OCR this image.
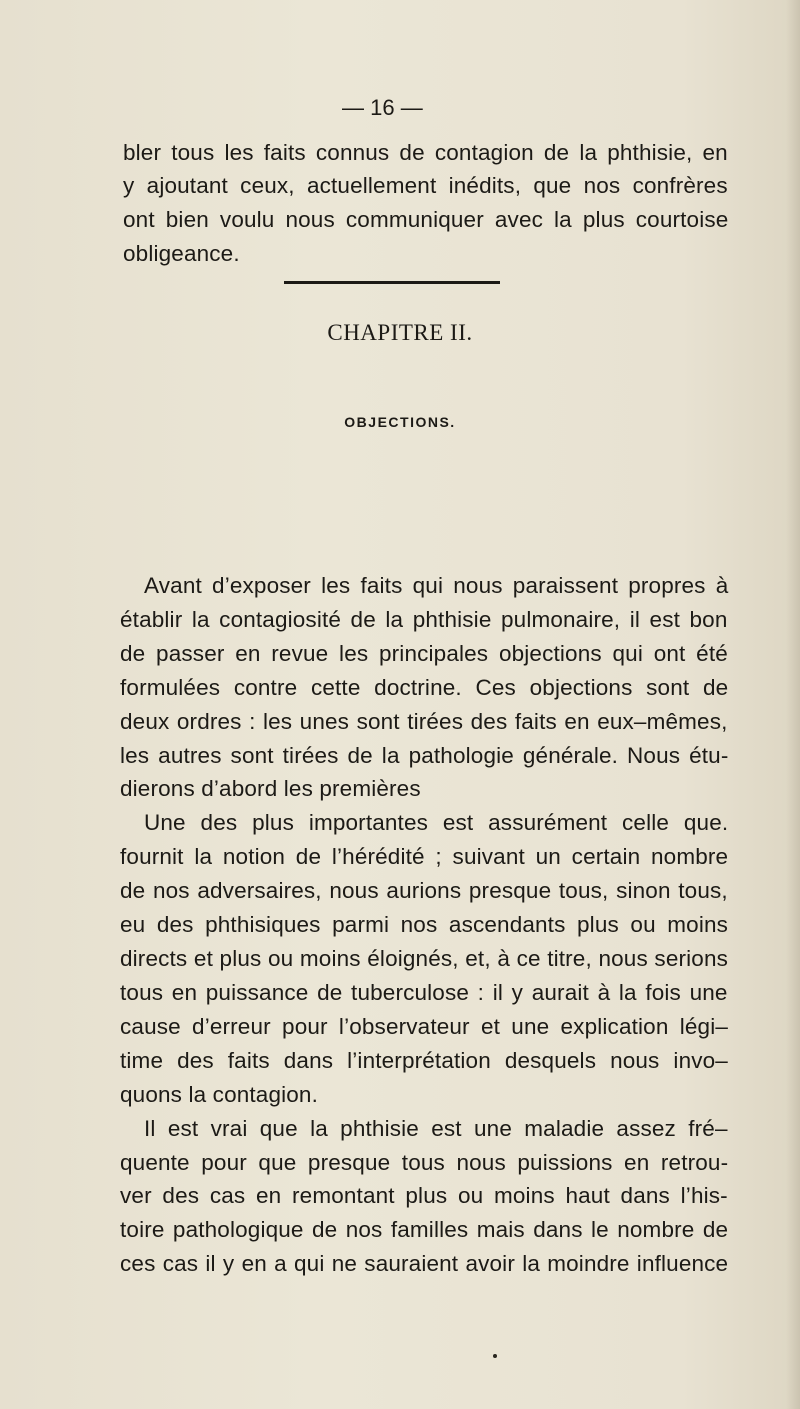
— 16 —
bler tous les faits connus de contagion de la phthisie, en
y ajoutant ceux, actuellement inédits, que nos confrères
ont bien voulu nous communiquer avec la plus courtoise
obligeance.
CHAPITRE II.
OBJECTIONS.
Avant d’exposer les faits qui nous paraissent propres à
établir la contagiosité de la phthisie pulmonaire, il est bon
de passer en revue les principales objections qui ont été
formulées contre cette doctrine. Ces objections sont de
deux ordres : les unes sont tirées des faits en eux–mêmes,
les autres sont tirées de la pathologie générale. Nous étu-
dierons d’abord les premières
Une des plus importantes est assurément celle que.
fournit la notion de l’hérédité ; suivant un certain nombre
de nos adversaires, nous aurions presque tous, sinon tous,
eu des phthisiques parmi nos ascendants plus ou moins
directs et plus ou moins éloignés, et, à ce titre, nous serions
tous en puissance de tuberculose : il y aurait à la fois une
cause d’erreur pour l’observateur et une explication légi–
time des faits dans l’interprétation desquels nous invo–
quons la contagion.
Il est vrai que la phthisie est une maladie assez fré–
quente pour que presque tous nous puissions en retrou-
ver des cas en remontant plus ou moins haut dans l’his-
toire pathologique de nos familles mais dans le nombre de
ces cas il y en a qui ne sauraient avoir la moindre influence
